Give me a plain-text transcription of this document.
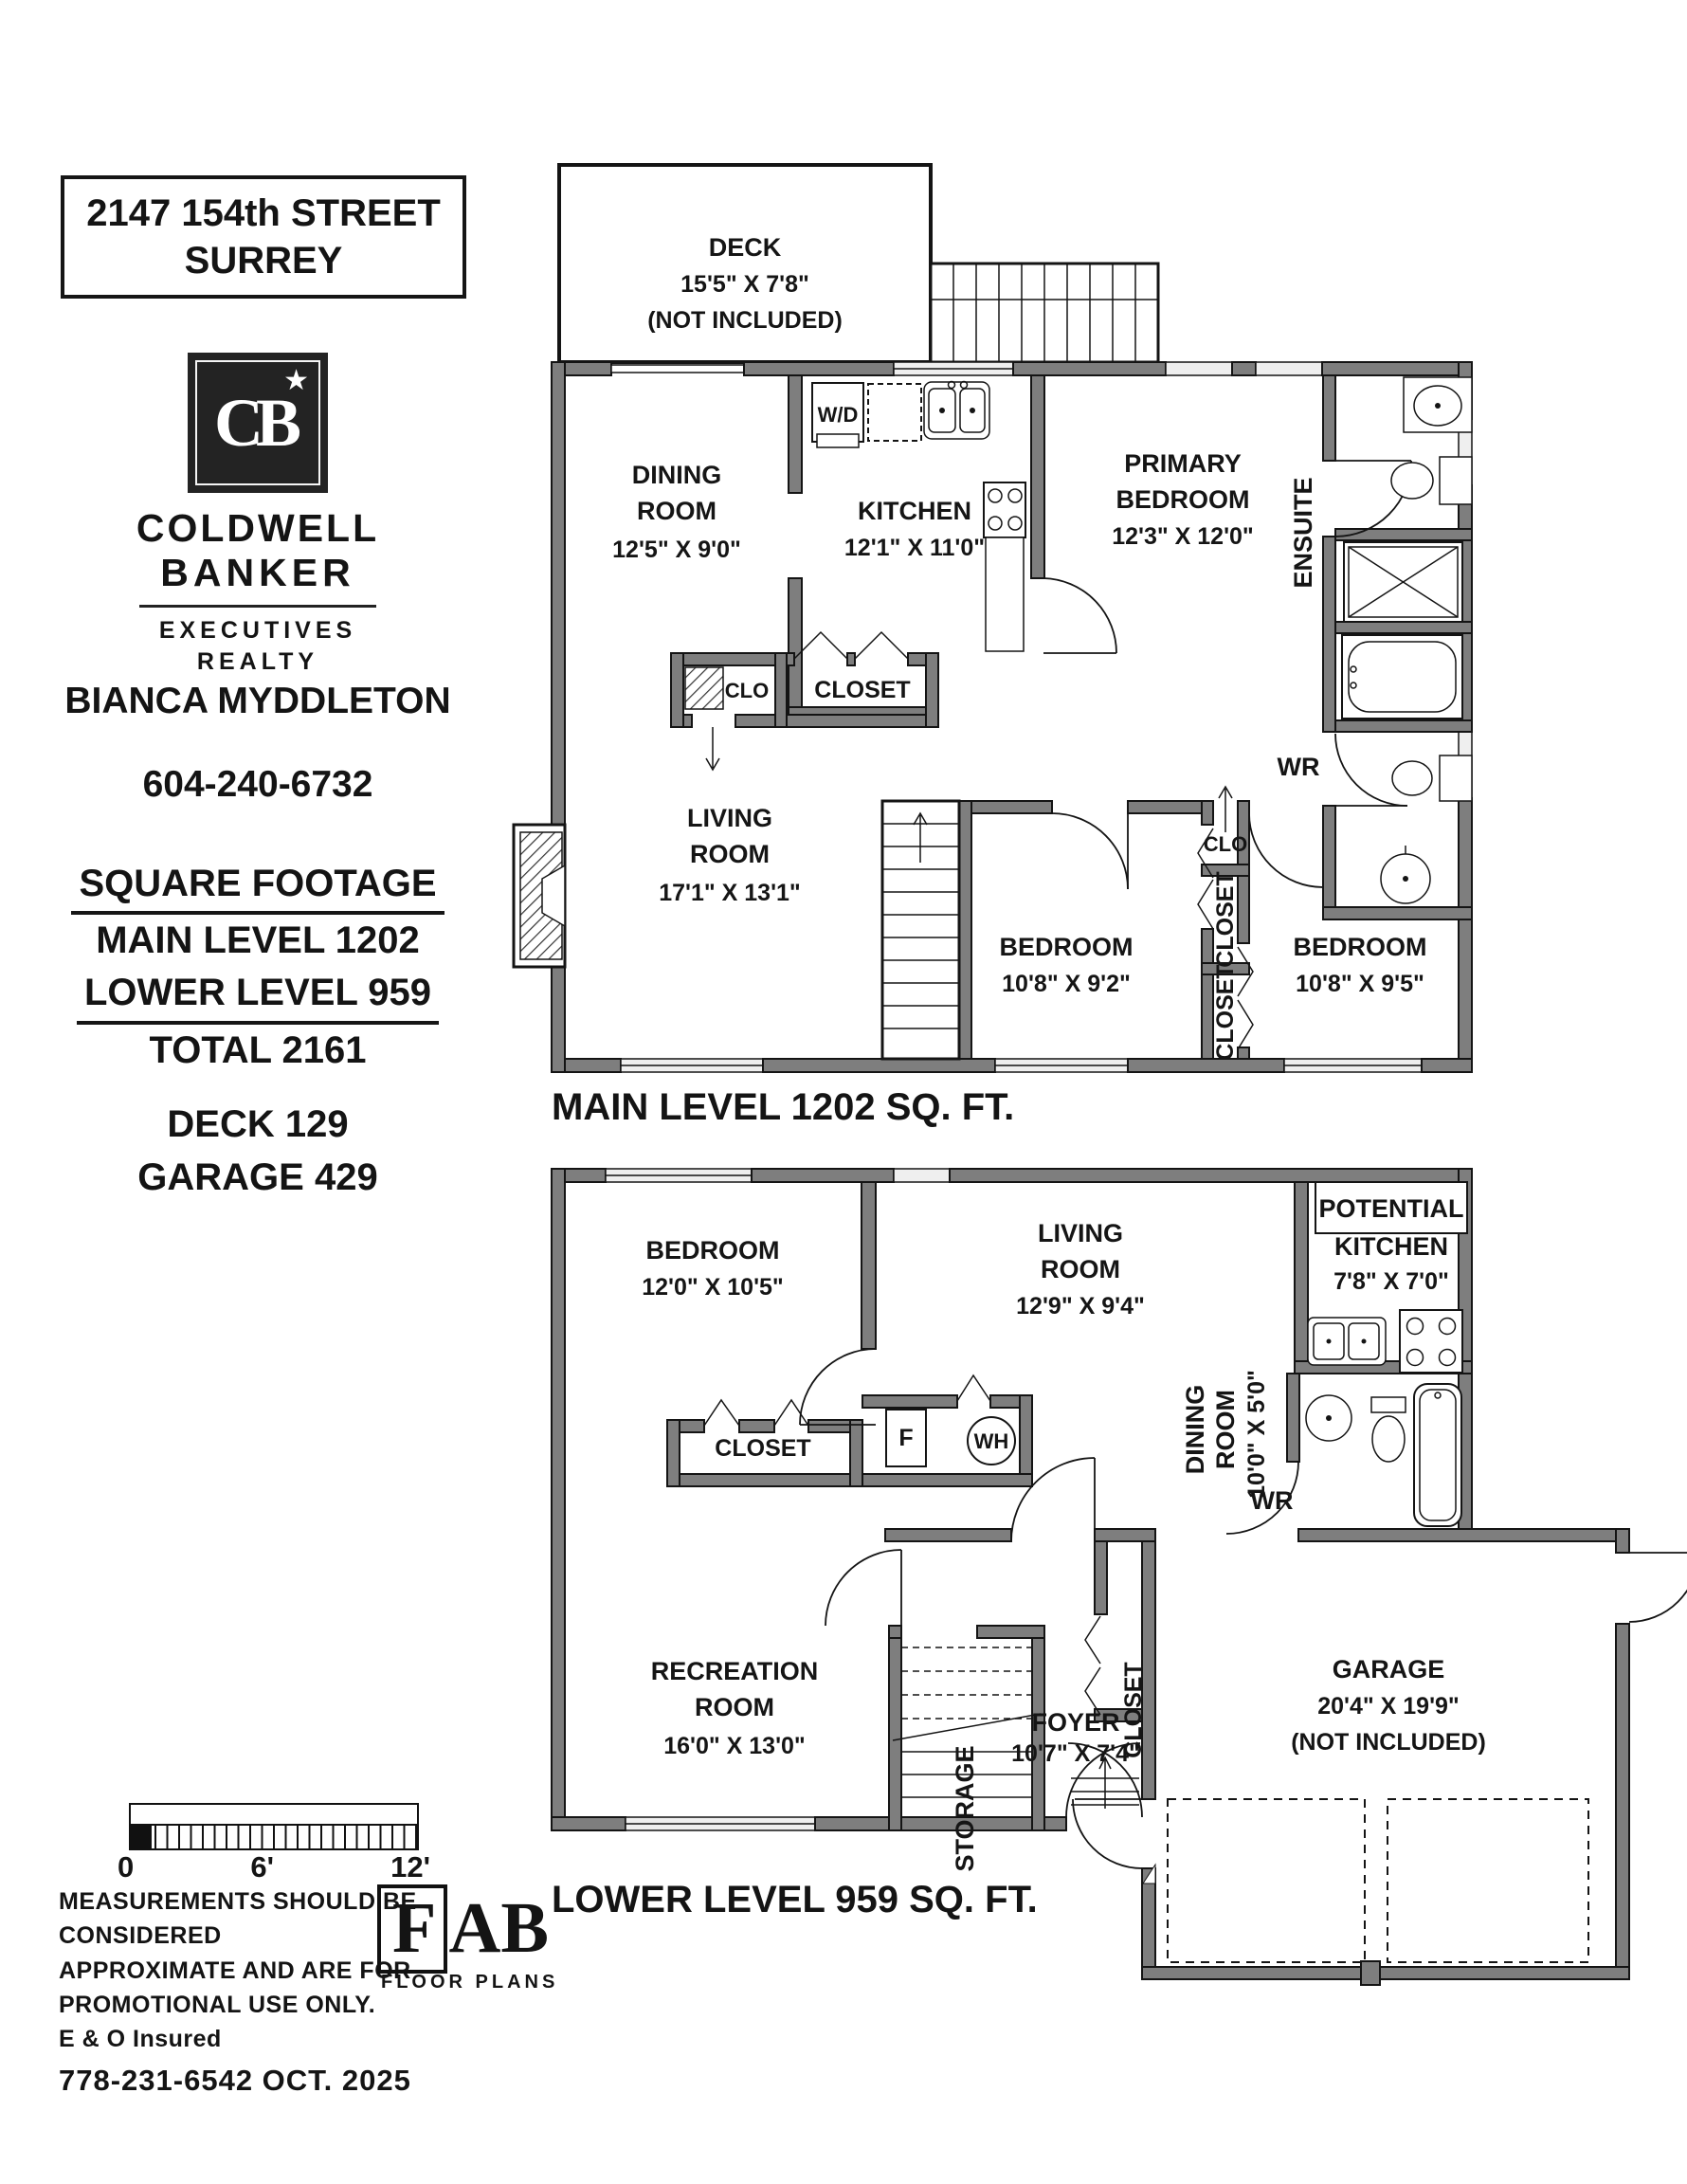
2147 154th STREET
SURREY
CB
★
COLDWELL
BANKER
EXECUTIVES
REALTY
BIANCA MYDDLETON
604-240-6732
SQUARE FOOTAGE
MAIN LEVEL 1202
LOWER LEVEL 959
TOTAL 2161
DECK 129
GARAGE 429
0	6'	12'
MEASUREMENTS SHOULD BE CONSIDERED
APPROXIMATE AND ARE FOR
PROMOTIONAL USE ONLY.
E & O Insured
778-231-6542 OCT. 2025
F AB
FLOOR PLANS
DECK
15'5" X 7'8"
(NOT INCLUDED)
W/D
DINING
ROOM
12'5" X 9'0"
KITCHEN
12'1" X 11'0"
PRIMARY
BEDROOM
12'3" X 12'0"
LIVING
ROOM
17'1" X 13'1"
BEDROOM
10'8" X 9'2"
BEDROOM
10'8" X 9'5"
CLO CLOSET
ENSUITE
WR
CLO
CLOSET
CLOSET
MAIN LEVEL 1202 SQ. FT.
BEDROOM
12'0" X 10'5"
LIVING
ROOM
12'9" X 9'4"
DINING ROOM 10'0" X 5'0"
POTENTIAL
KITCHEN
7'8" X 7'0"
CLOSET	F	WH
WR
RECREATION
ROOM
16'0" X 13'0"	STORAGE
FOYER
10'7" X 7'4"
CLOSET	GARAGE
20'4" X 19'9"
(NOT INCLUDED)
LOWER LEVEL 959 SQ. FT.
